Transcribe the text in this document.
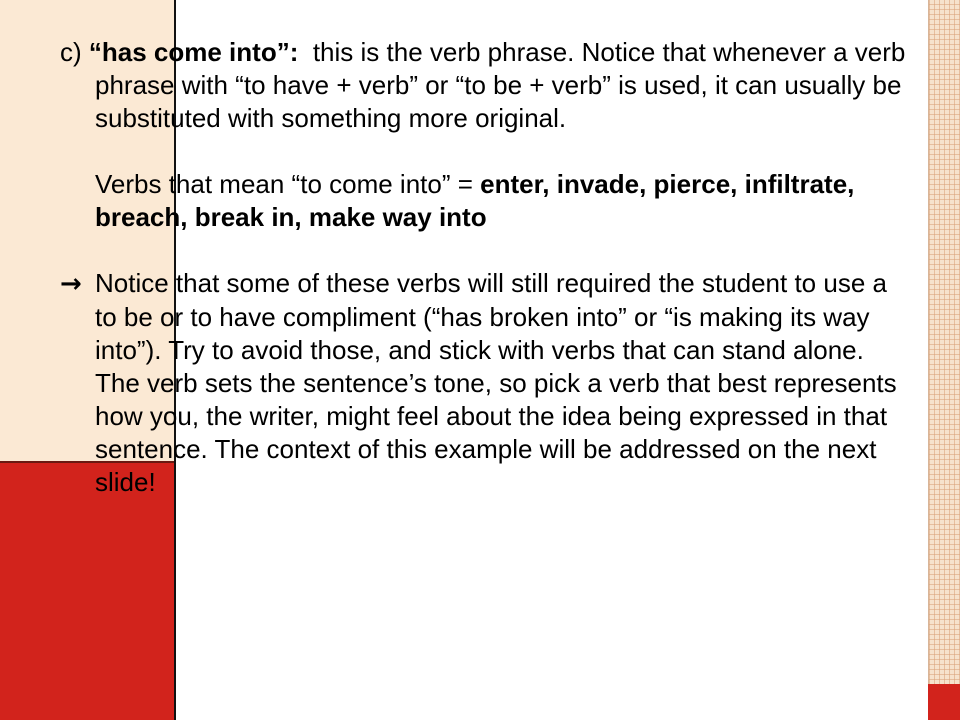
c) “has come into”:  this is the verb phrase. Notice that whenever a verb phrase with “to have + verb” or “to be + verb” is used, it can usually be substituted with something more original.

Verbs that mean “to come into” = enter, invade, pierce, infiltrate, breach, break in, make way into

→ Notice that some of these verbs will still required the student to use a to be or to have compliment (“has broken into” or “is making its way into”). Try to avoid those, and stick with verbs that can stand alone. The verb sets the sentence’s tone, so pick a verb that best represents how you, the writer, might feel about the idea being expressed in that sentence. The context of this example will be addressed on the next slide!
